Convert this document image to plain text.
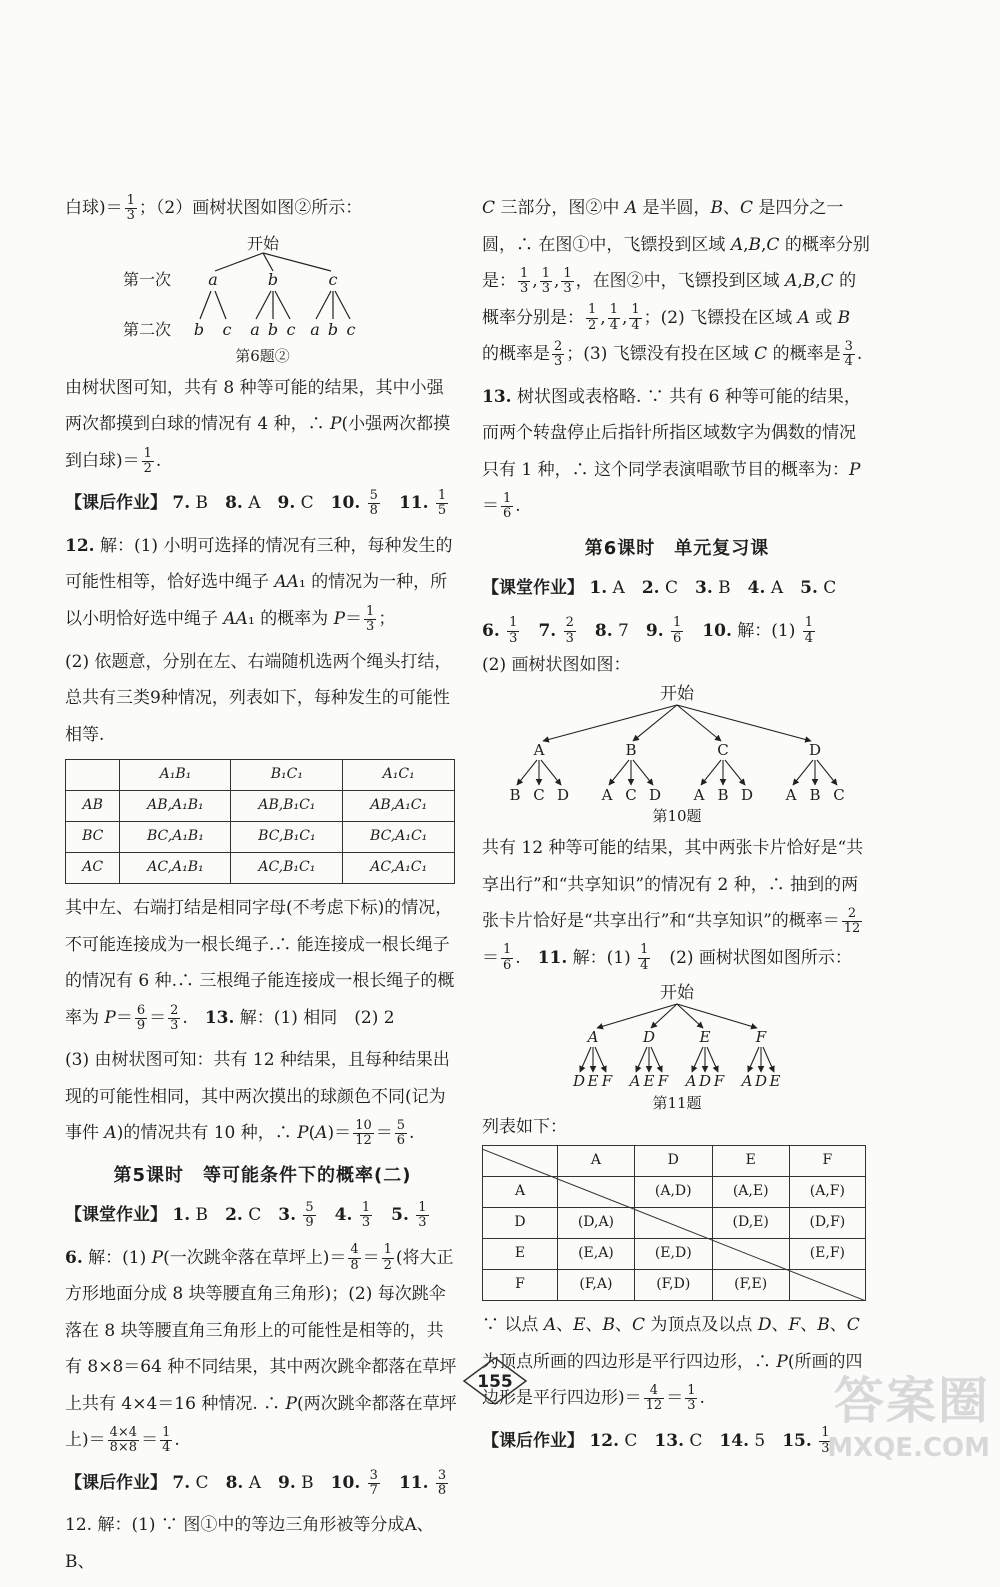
白球)＝ $\frac{1}{3}$ ；（2）画树状图如图②所示：
开始
第一次
第二次
a	b	c
b c a b c a b c
第6题②
由树状图可知，共有 8 种等可能的结果，其中小强两次都摸到白球的情况有 4 种，∴ P(小强两次都摸到白球)＝ $\frac{1}{2}$ .
【课后作业】 7. B　8. A　9. C　10. $\frac{5}{8}$
　 11. $\frac{1}{5}$
12. 解：(1) 小明可选择的情况有三种，每种发生的可能性相等，恰好选中绳子 AA₁ 的情况为一种，所以小明恰好选中绳子 AA₁ 的概率为 $P= \frac{1}{3}$ ；
(2) 依题意，分别在左、右端随机选两个绳头打结，总共有三类9种情况，列表如下，每种发生的可能性相等.
	A₁B₁	B₁C₁	A₁C₁
AB	AB,A₁B₁	AB,B₁C₁	AB,A₁C₁
BC	BC,A₁B₁	BC,B₁C₁	BC,A₁C₁
AC	AC,A₁B₁	AC,B₁C₁	AC,A₁C₁
其中左、右端打结是相同字母(不考虑下标)的情况，不可能连接成为一根长绳子.∴ 能连接成一根长绳子的情况有 6 种.∴ 三根绳子能连接成一根长绳子的概率为 $P= \frac{6}{9} = \frac{2}{3}$ .　13. 解：(1) 相同　(2) 2
(3) 由树状图可知：共有 12 种结果，且每种结果出现的可能性相同，其中两次摸出的球颜色不同(记为事件 A)的情况共有 10 种，∴ $P(A)= \frac{10}{12} = \frac{5}{6}$ .
第5课时　等可能条件下的概率(二)
【课堂作业】 1. B　2. C　3. $\frac{5}{9}$
　 4. $\frac{1}{3}$
　 5. $\frac{1}{3}$
6. 解：(1) P(一次跳伞落在草坪上)＝ $\frac{4}{8} = \frac{1}{2}$ (将大正方形地面分成 8 块等腰直角三角形)；(2) 每次跳伞落在 8 块等腰直角三角形上的可能性是相等的，共有 8×8＝64 种不同结果，其中两次跳伞都落在草坪上共有 4×4＝16 种情况. ∴ P(两次跳伞都落在草坪上)＝ $\frac{4\times 4}{8\times 8} = \frac{1}{4}$ .
【课后作业】 7. C　8. A　9. B　10. $\frac{3}{7}$
　 11. $\frac{3}{8}$
12. 解：(1) ∵ 图①中的等边三角形被等分成A、B、
C 三部分，图②中 A 是半圆，B、C 是四分之一圆，∴ 在图①中，飞镖投到区域 A,B,C 的概率分别是： $\frac{1}{3}$ , $\frac{1}{3}$ , $\frac{1}{3}$ ，在图②中，飞镖投到区域 A,B,C 的概率分别是： $\frac{1}{2}$ , $\frac{1}{4}$ , $\frac{1}{4}$ ；(2) 飞镖投在区域 A 或 B 的概率是 $\frac{2}{3}$ ；(3) 飞镖没有投在区域 C 的概率是 $\frac{3}{4}$ .
13. 树状图或表格略. ∵ 共有 6 种等可能的结果，而两个转盘停止后指针所指区域数字为偶数的情况只有 1 种，∴ 这个同学表演唱歌节目的概率为：$P= \frac{1}{6}$ .
第6课时　单元复习课
【课堂作业】 1. A　2. C　3. B　4. A　5. C
6. $\frac{1}{3}$
　 7. $\frac{2}{3}$
　 8. 7　9. $\frac{1}{6}$
　 10. 解：$(1) \frac{1}{4}$
(2) 画树状图如图：
开始
A	B	C	D
B C D A C D A B D A B C
第10题
共有 12 种等可能的结果，其中两张卡片恰好是“共享出行”和“共享知识”的情况有 2 种，∴ 抽到的两张卡片恰好是“共享出行”和“共享知识”的概率＝ $\frac{2}{12}$
＝ $\frac{1}{6}$ .　11. 解：$(1) \frac{1}{4}$ 　(2) 画树状图如图所示：
开始
A	D	E	F
D E F A E F A D F A D E
第11题
列表如下：
	A	D	E	F
A		(A,D)	(A,E)	(A,F)
D	(D,A)		(D,E)	(D,F)
E	(E,A)	(E,D)		(E,F)
F	(F,A)	(F,D)	(F,E)	
∵ 以点 A、E、B、C 为顶点及以点 D、F、B、C 为顶点所画的四边形是平行四边形，∴ P(所画的四边形是平行四边形)＝ $\frac{4}{12} = \frac{1}{3}$ .
【课后作业】 12. C　13. C　14. 5　15. $\frac{1}{3}$
155	答案圈
MXQE.COM
